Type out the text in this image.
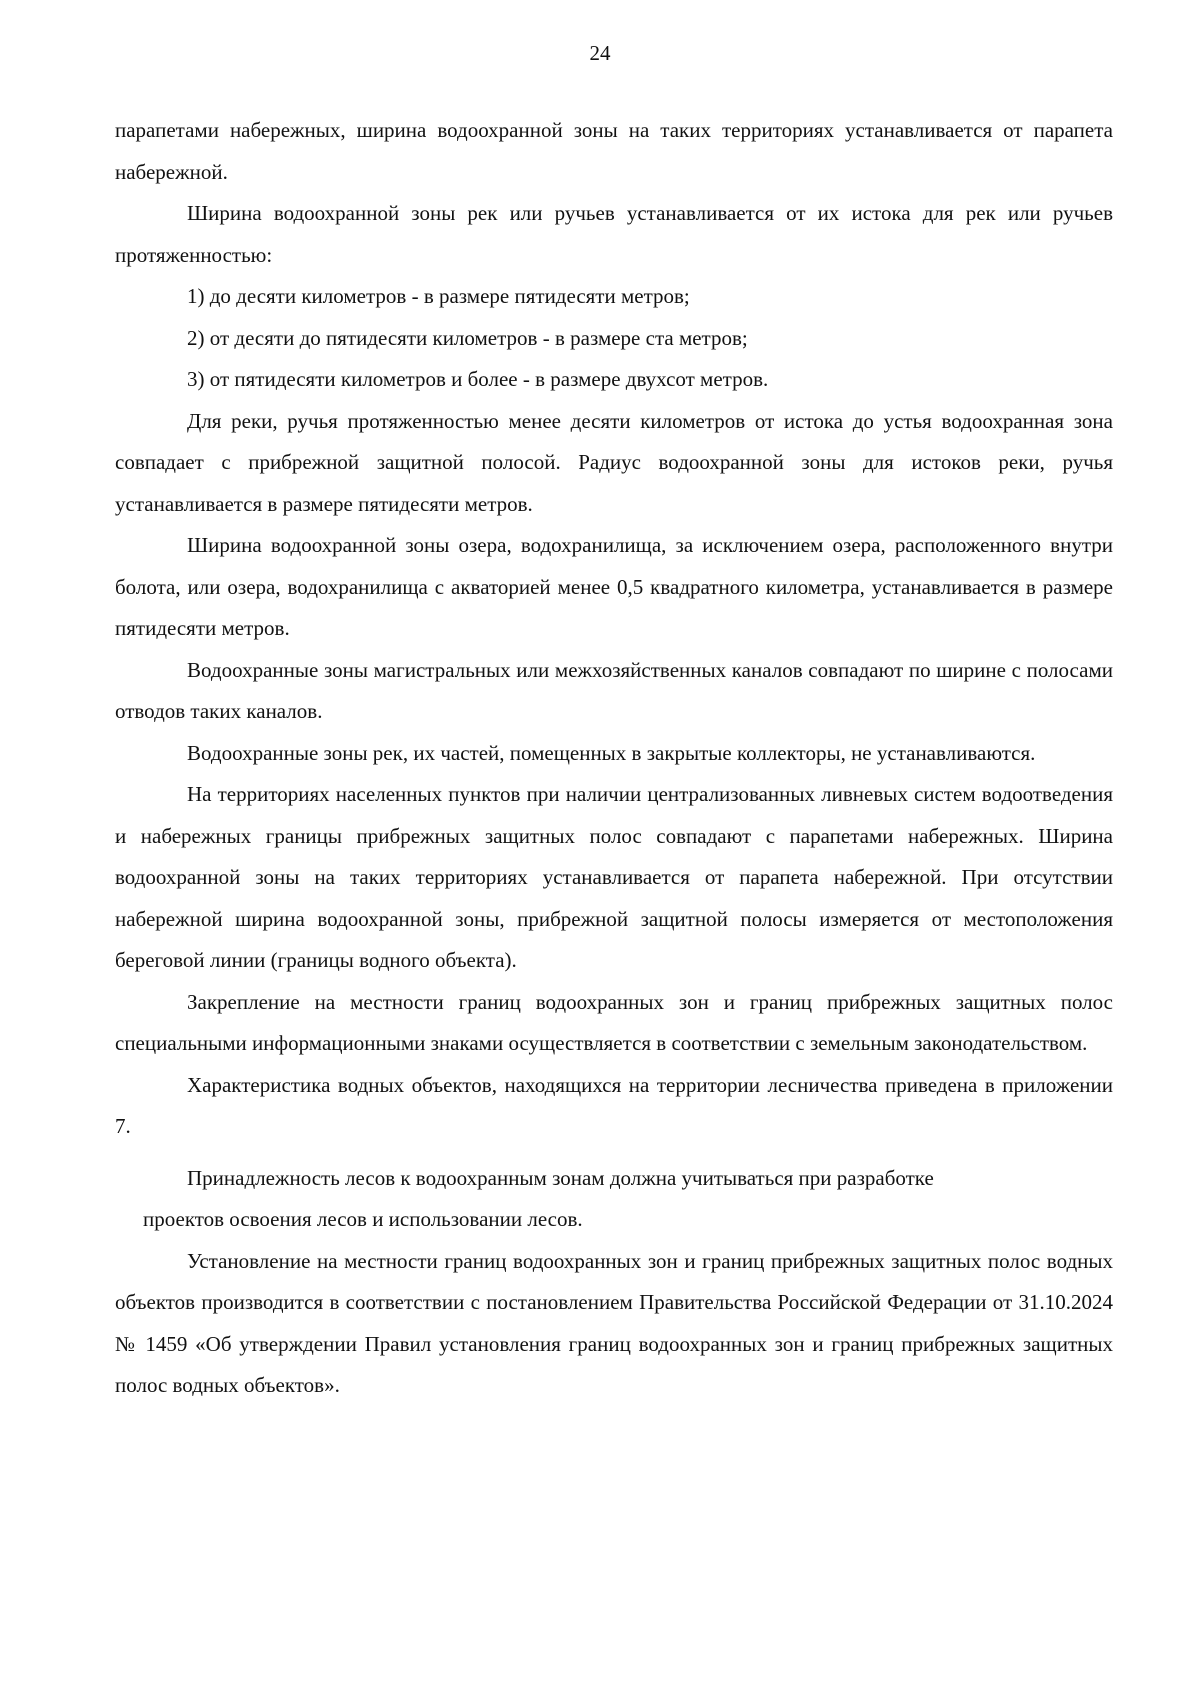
24

парапетами набережных, ширина водоохранной зоны на таких территориях устанавливается от парапета набережной.

Ширина водоохранной зоны рек или ручьев устанавливается от их истока для рек или ручьев протяженностью:

1) до десяти километров - в размере пятидесяти метров;

2) от десяти до пятидесяти километров - в размере ста метров;

3) от пятидесяти километров и более - в размере двухсот метров.

Для реки, ручья протяженностью менее десяти километров от истока до устья водоохранная зона совпадает с прибрежной защитной полосой. Радиус водоохранной зоны для истоков реки, ручья устанавливается в размере пятидесяти метров.

Ширина водоохранной зоны озера, водохранилища, за исключением озера, расположенного внутри болота, или озера, водохранилища с акваторией менее 0,5 квадратного километра, устанавливается в размере пятидесяти метров.

Водоохранные зоны магистральных или межхозяйственных каналов совпадают по ширине с полосами отводов таких каналов.

Водоохранные зоны рек, их частей, помещенных в закрытые коллекторы, не устанавливаются.

На территориях населенных пунктов при наличии централизованных ливневых систем водоотведения и набережных границы прибрежных защитных полос совпадают с парапетами набережных. Ширина водоохранной зоны на таких территориях устанавливается от парапета набережной. При отсутствии набережной ширина водоохранной зоны, прибрежной защитной полосы измеряется от местоположения береговой линии (границы водного объекта).

Закрепление на местности границ водоохранных зон и границ прибрежных защитных полос специальными информационными знаками осуществляется в соответствии с земельным законодательством.

Характеристика водных объектов, находящихся на территории лесничества приведена в приложении 7.

Принадлежность лесов к водоохранным зонам должна учитываться при разработке

проектов освоения лесов и использовании лесов.

Установление на местности границ водоохранных зон и границ прибрежных защитных полос водных объектов производится в соответствии с постановлением Правительства Российской Федерации от 31.10.2024 № 1459 «Об утверждении Правил установления границ водоохранных зон и границ прибрежных защитных полос водных объектов».
